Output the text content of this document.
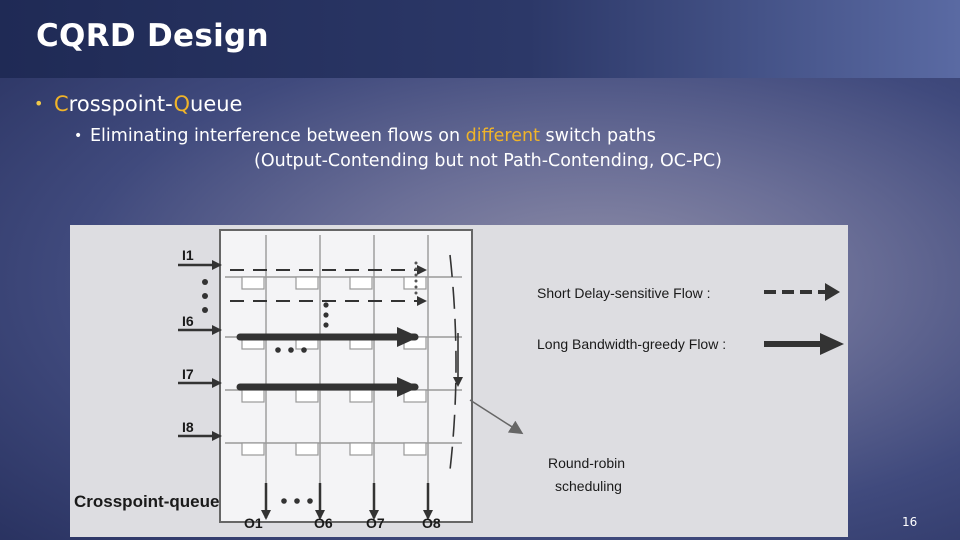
CQRD Design
• Crosspoint-Queue
• Eliminating interference between flows on different switch paths
(Output-Contending but not Path-Contending, OC-PC)
I1
I6
I7
I8
O1	O6 O7	O8
Crosspoint-queue
Round-robin
scheduling
Short Delay-sensitive Flow :
Long Bandwidth-greedy Flow :
16
